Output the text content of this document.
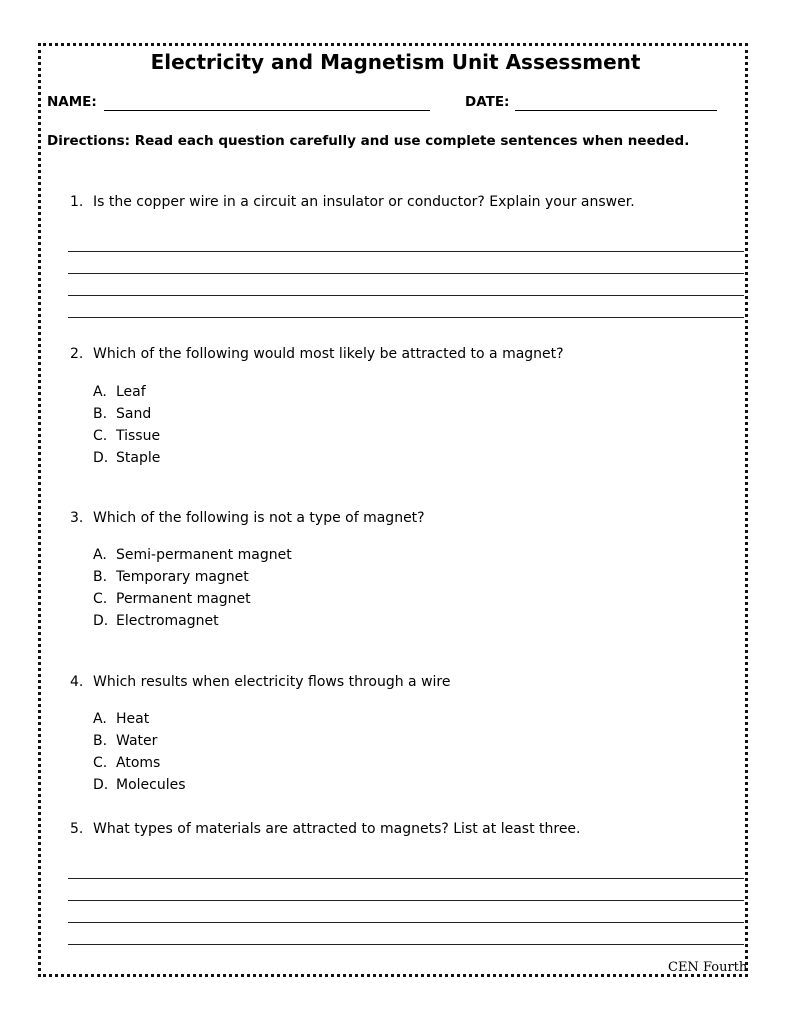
Electricity and Magnetism Unit Assessment
NAME:	DATE:
Directions: Read each question carefully and use complete sentences when needed.
1. Is the copper wire in a circuit an insulator or conductor? Explain your answer.
2. Which of the following would most likely be attracted to a magnet?
A. Leaf
B. Sand
C. Tissue
D. Staple
3. Which of the following is not a type of magnet?
A. Semi-permanent magnet
B. Temporary magnet
C. Permanent magnet
D. Electromagnet
4. Which results when electricity flows through a wire
A. Heat
B. Water
C. Atoms
D. Molecules
5. What types of materials are attracted to magnets? List at least three.
CEN Fourth
